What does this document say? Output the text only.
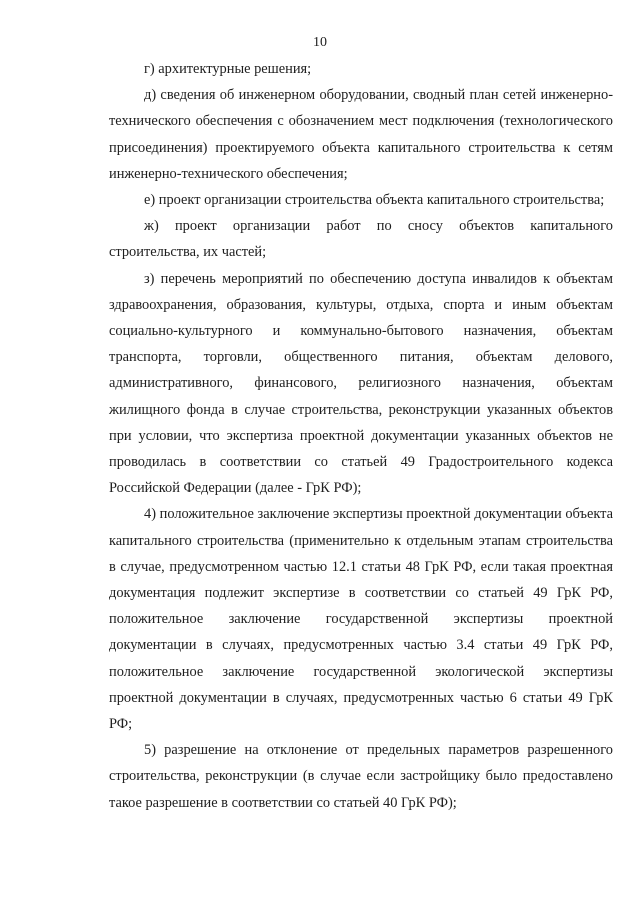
10

г) архитектурные решения;

д) сведения об инженерном оборудовании, сводный план сетей инженерно-технического обеспечения с обозначением мест подключения (технологического присоединения) проектируемого объекта капитального строительства к сетям инженерно-технического обеспечения;

е) проект организации строительства объекта капитального строительства;

ж) проект организации работ по сносу объектов капитального строительства, их частей;

з) перечень мероприятий по обеспечению доступа инвалидов к объектам здравоохранения, образования, культуры, отдыха, спорта и иным объектам социально-культурного и коммунально-бытового назначения, объектам транспорта, торговли, общественного питания, объектам делового, административного, финансового, религиозного назначения, объектам жилищного фонда в случае строительства, реконструкции указанных объектов при условии, что экспертиза проектной документации указанных объектов не проводилась в соответствии со статьей 49 Градостроительного кодекса Российской Федерации (далее - ГрК РФ);

4) положительное заключение экспертизы проектной документации объекта капитального строительства (применительно к отдельным этапам строительства в случае, предусмотренном частью 12.1 статьи 48 ГрК РФ, если такая проектная документация подлежит экспертизе в соответствии со статьей 49 ГрК РФ, положительное заключение государственной экспертизы проектной документации в случаях, предусмотренных частью 3.4 статьи 49 ГрК РФ, положительное заключение государственной экологической экспертизы проектной документации в случаях, предусмотренных частью 6 статьи 49 ГрК РФ;

5) разрешение на отклонение от предельных параметров разрешенного строительства, реконструкции (в случае если застройщику было предоставлено такое разрешение в соответствии со статьей 40 ГрК РФ);
